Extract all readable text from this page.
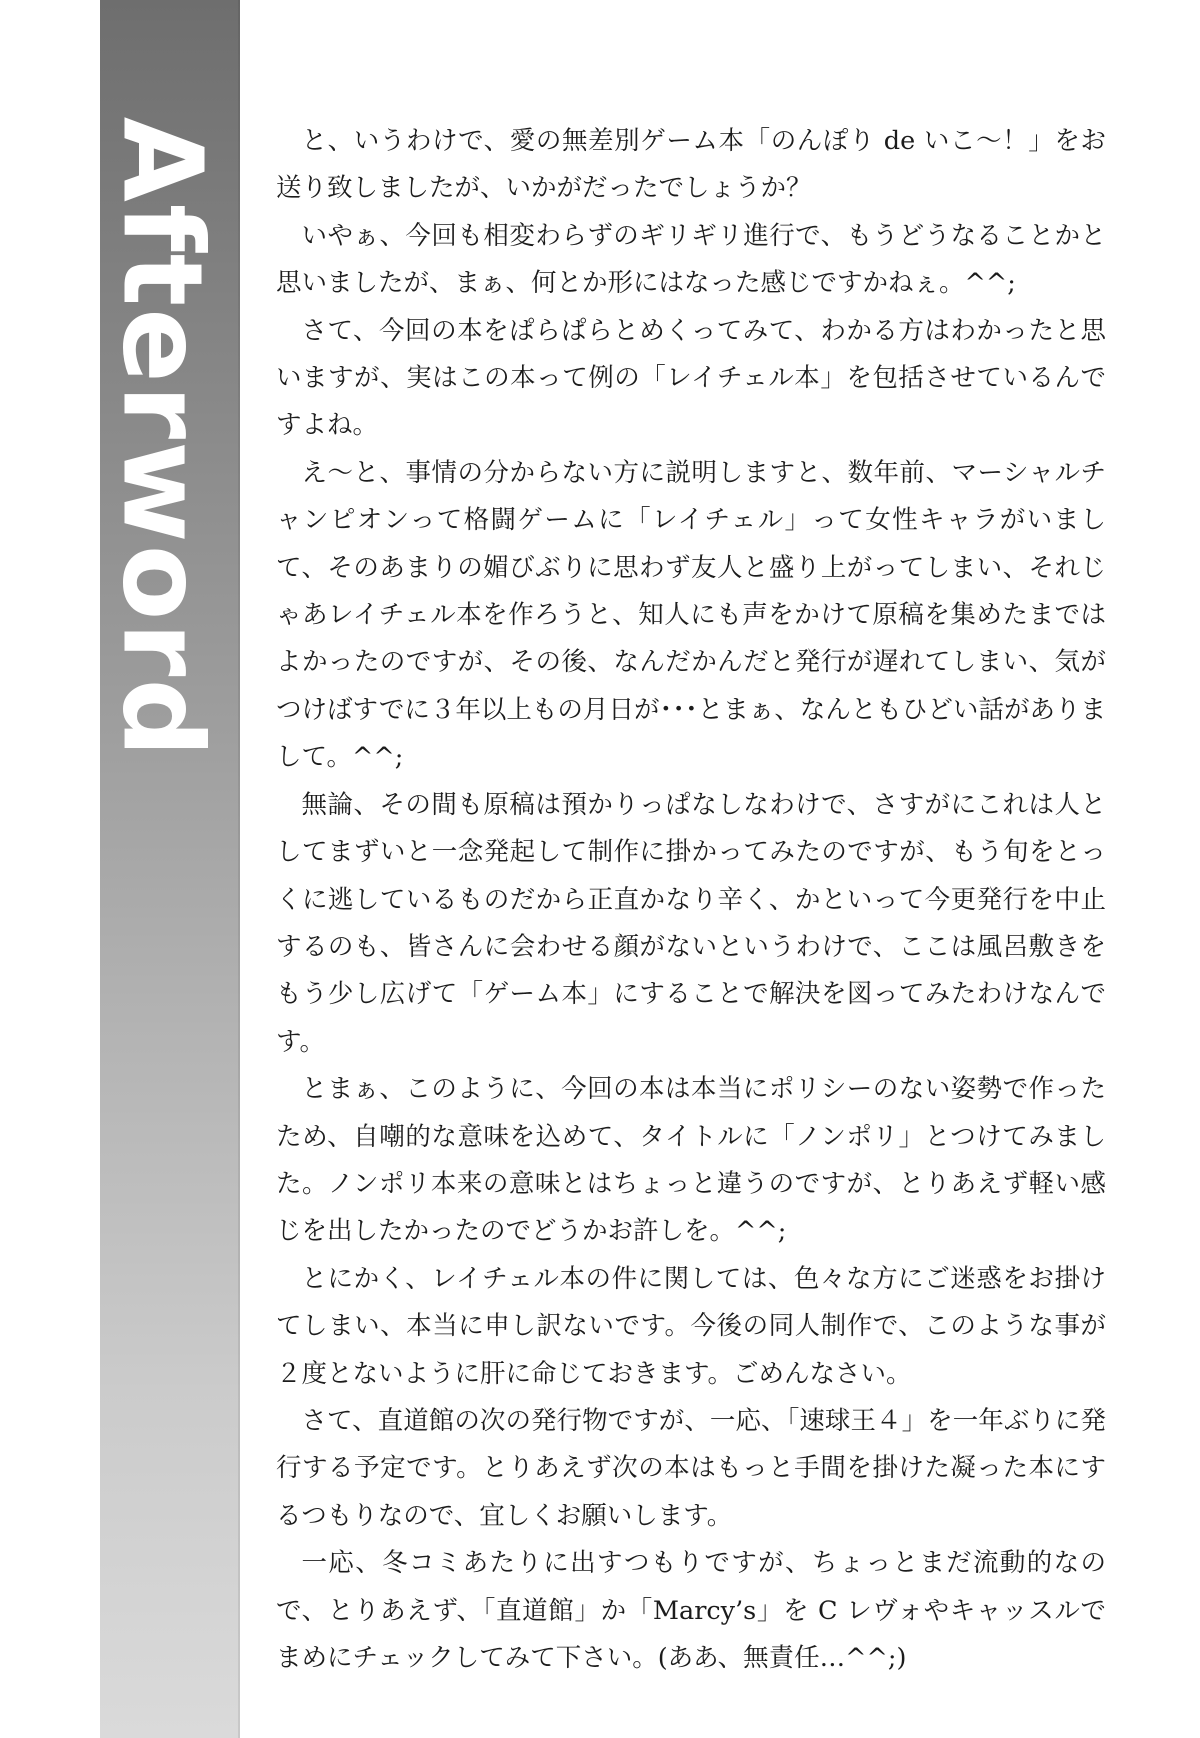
Afterword	と、いうわけで、愛の無差別ゲーム本「のんぽり de いこ〜！」をお送り致しましたが、いかがだったでしょうか？

いやぁ、今回も相変わらずのギリギリ進行で、もうどうなることかと思いましたが、まぁ、何とか形にはなった感じですかねぇ。^^;

さて、今回の本をぱらぱらとめくってみて、わかる方はわかったと思いますが、実はこの本って例の「レイチェル本」を包括させているんですよね。

え〜と、事情の分からない方に説明しますと、数年前、マーシャルチャンピオンって格闘ゲームに「レイチェル」って女性キャラがいまして、そのあまりの媚びぶりに思わず友人と盛り上がってしまい、それじゃあレイチェル本を作ろうと、知人にも声をかけて原稿を集めたまではよかったのですが、その後、なんだかんだと発行が遅れてしまい、気がつけばすでに３年以上もの月日が･･･とまぁ、なんともひどい話がありまして。^^;

無論、その間も原稿は預かりっぱなしなわけで、さすがにこれは人としてまずいと一念発起して制作に掛かってみたのですが、もう旬をとっくに逃しているものだから正直かなり辛く、かといって今更発行を中止するのも、皆さんに会わせる顔がないというわけで、ここは風呂敷きをもう少し広げて「ゲーム本」にすることで解決を図ってみたわけなんです。

とまぁ、このように、今回の本は本当にポリシーのない姿勢で作ったため、自嘲的な意味を込めて、タイトルに「ノンポリ」とつけてみました。ノンポリ本来の意味とはちょっと違うのですが、とりあえず軽い感じを出したかったのでどうかお許しを。^^;

とにかく、レイチェル本の件に関しては、色々な方にご迷惑をお掛けてしまい、本当に申し訳ないです。今後の同人制作で、このような事が２度とないように肝に命じておきます。ごめんなさい。

さて、直道館の次の発行物ですが、一応、「速球王４」を一年ぶりに発行する予定です。とりあえず次の本はもっと手間を掛けた凝った本にするつもりなので、宜しくお願いします。

一応、冬コミあたりに出すつもりですが、ちょっとまだ流動的なので、とりあえず、「直道館」か「Marcy’s」を C レヴォやキャッスルでまめにチェックしてみて下さい。(ああ、無責任…^^;)
